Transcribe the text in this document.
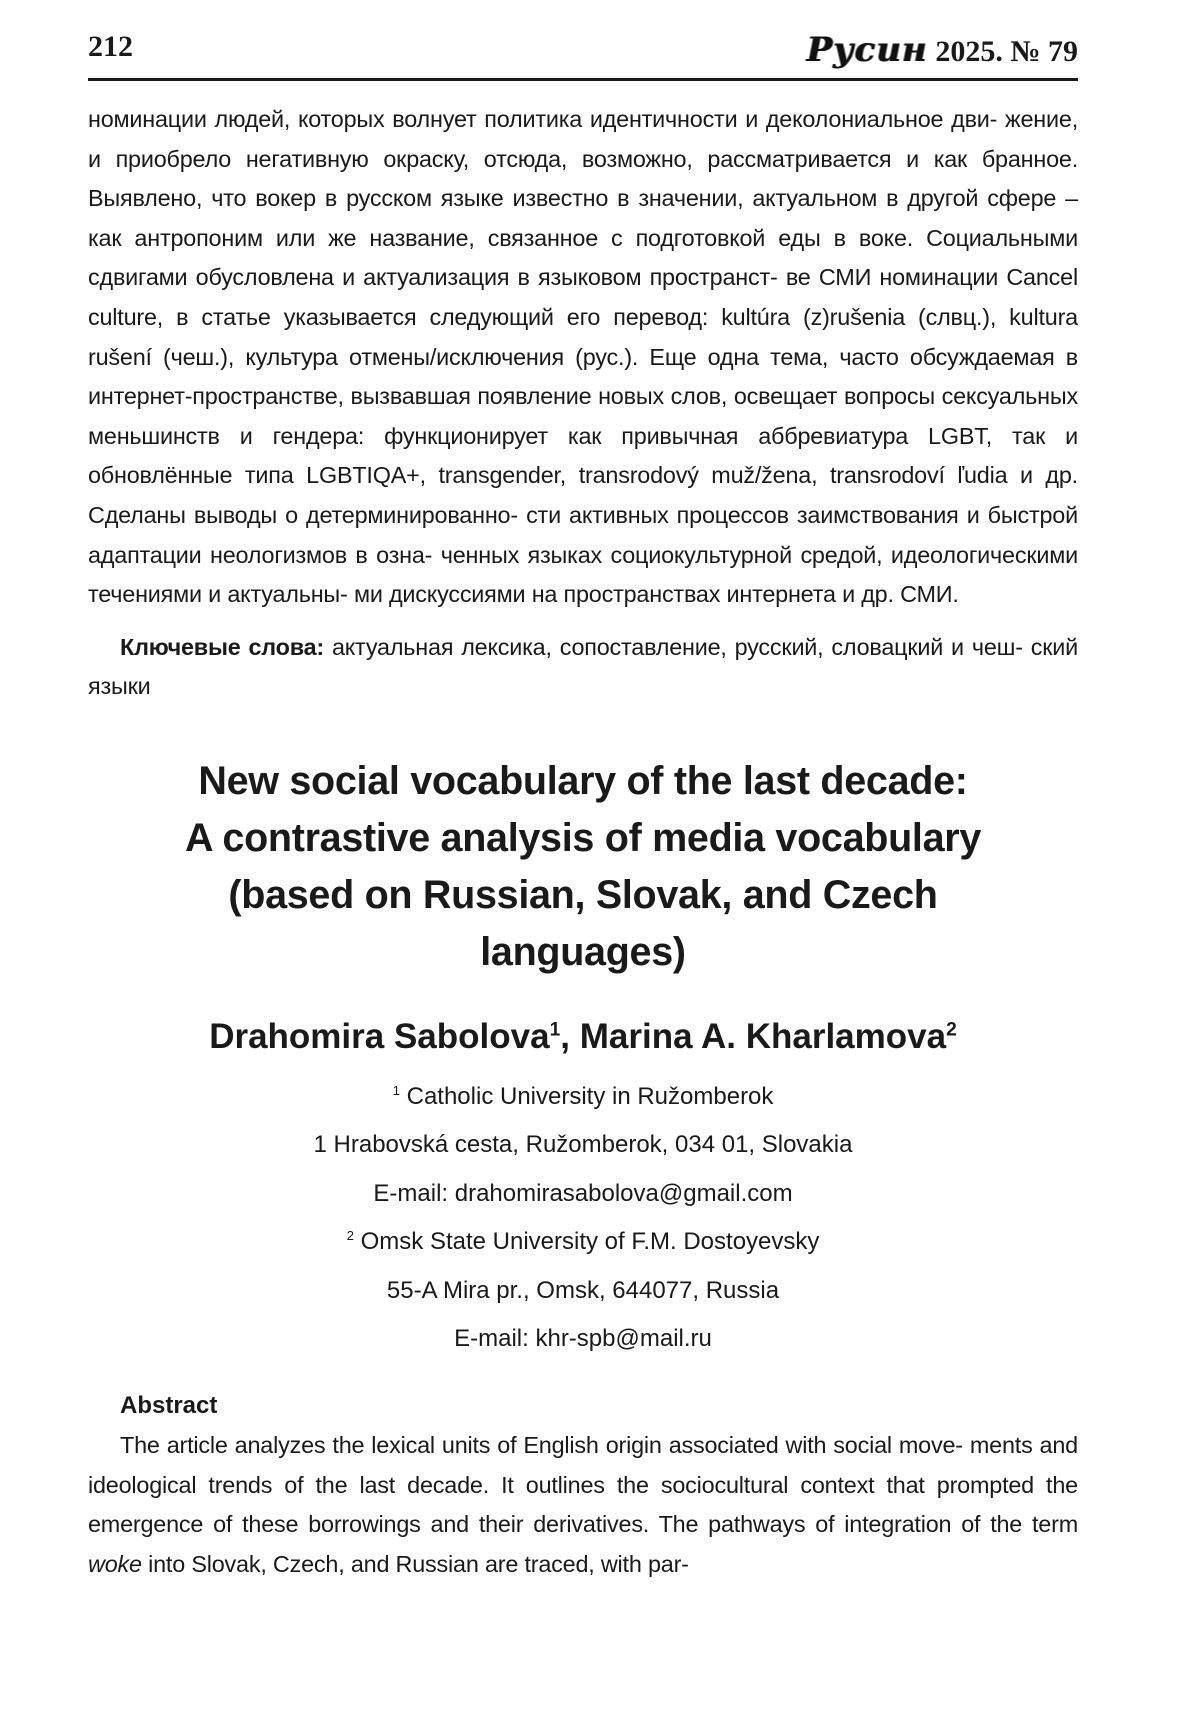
212	Русин 2025. № 79

номинации людей, которых волнует политика идентичности и деколониальное дви- жение, и приобрело негативную окраску, отсюда, возможно, рассматривается и как бранное. Выявлено, что вокер в русском языке известно в значении, актуальном в другой сфере – как антропоним или же название, связанное с подготовкой еды в воке. Социальными сдвигами обусловлена и актуализация в языковом пространст- ве СМИ номинации Cancel culture, в статье указывается следующий его перевод: kultúra (z)rušenia (слвц.), kultura rušení (чеш.), культура отмены/исключения (рус.). Еще одна тема, часто обсуждаемая в интернет-пространстве, вызвавшая появление новых слов, освещает вопросы сексуальных меньшинств и гендера: функционирует как привычная аббревиатура LGBT, так и обновлённые типа LGBTIQA+, transgender, transrodový muž/žena, transrodoví ľudia и др. Сделаны выводы о детерминированно- сти активных процессов заимствования и быстрой адаптации неологизмов в озна- ченных языках социокультурной средой, идеологическими течениями и актуальны- ми дискуссиями на пространствах интернета и др. СМИ.

Ключевые слова: актуальная лексика, сопоставление, русский, словацкий и чеш- ский языки

New social vocabulary of the last decade:
A contrastive analysis of media vocabulary
(based on Russian, Slovak, and Czech
languages)
Drahomira Sabolova$^1$, Marina A. Kharlamova$^2$
$^1$ Catholic University in Ružomberok
1 Hrabovská cesta, Ružomberok, 034 01, Slovakia
E-mail: drahomirasabolova@gmail.com
$^2$ Omsk State University of F.M. Dostoyevsky
55-A Mira pr., Omsk, 644077, Russia
E-mail: khr-spb@mail.ru
Abstract

The article analyzes the lexical units of English origin associated with social move- ments and ideological trends of the last decade. It outlines the sociocultural context that prompted the emergence of these borrowings and their derivatives. The pathways of integration of the term woke into Slovak, Czech, and Russian are traced, with par-
